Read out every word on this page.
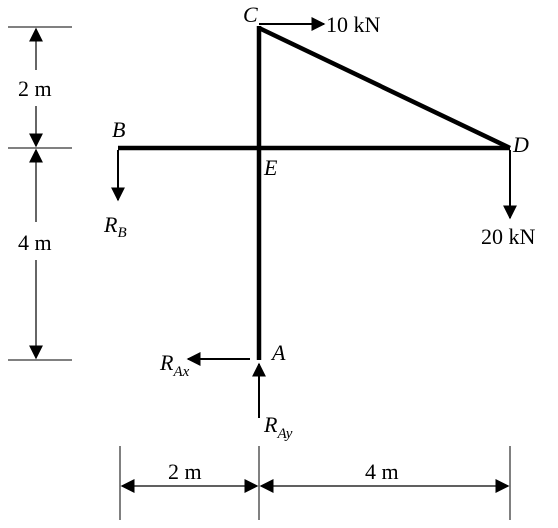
C
B
E
D
A
10 kN
20 kN
$R_B$
$R_{Ax}$
$R_{Ay}$
2 m
4 m
2 m	4 m
